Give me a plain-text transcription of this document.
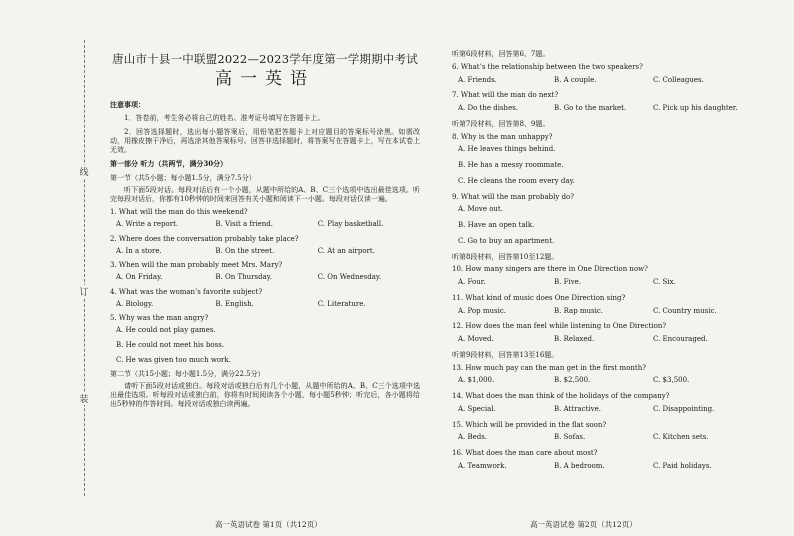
线
订
装
唐山市十县一中联盟2022—2023学年度第一学期期中考试
高一英语
注意事项：

1．答卷前，考生务必将自己的姓名、准考证号填写在答题卡上。

2．回答选择题时，选出每小题答案后，用铅笔把答题卡上对应题目的答案标号涂黑。如需改动，用橡皮擦干净后，再选涂其他答案标号。回答非选择题时，将答案写在答题卡上，写在本试卷上无效。

第一部分 听力（共两节，满分30分）
第一节（共5小题；每小题1.5分，满分7.5分）

听下面5段对话。每段对话后有一个小题，从题中所给的A、B、C三个选项中选出最佳选项。听完每段对话后，你都有10秒钟的时间来回答有关小题和阅读下一小题。每段对话仅读一遍。

1. What will the man do this weekend?
A. Write a report.	B. Visit a friend.	C. Play basketball.
2. Where does the conversation probably take place?
A. In a store.	B. On the street.	C. At an airport.
3. When will the man probably meet Mrs. Mary?
A. On Friday.	B. On Thursday.	C. On Wednesday.
4. What was the woman’s favorite subject?
A. Biology.	B. English.	C. Literature.
5. Why was the man angry?
A. He could not play games.
B. He could not meet his boss.
C. He was given too much work.
第二节（共15小题；每小题1.5分，满分22.5分）

请听下面5段对话或独白。每段对话或独白后有几个小题，从题中所给的A、B、C三个选项中选出最佳选项。听每段对话或独白前，你将有时间阅读各个小题，每小题5秒钟；听完后，各小题将给出5秒钟的作答时间。每段对话或独白读两遍。

听第6段材料，回答第6、7题。
6. What’s the relationship between the two speakers?
A. Friends.	B. A couple.	C. Colleagues.
7. What will the man do next?
A. Do the dishes.	B. Go to the market.	C. Pick up his daughter.
听第7段材料，回答第8、9题。
8. Why is the man unhappy?
A. He leaves things behind.
B. He has a messy roommate.
C. He cleans the room every day.
9. What will the man probably do?
A. Move out.
B. Have an open talk.
C. Go to buy an apartment.
听第8段材料，回答第10至12题。
10. How many singers are there in One Direction now?
A. Four.	B. Five.	C. Six.
11. What kind of music does One Direction sing?
A. Pop music.	B. Rap music.	C. Country music.
12. How does the man feel while listening to One Direction?
A. Moved.	B. Relaxed.	C. Encouraged.
听第9段材料，回答第13至16题。
13. How much pay can the man get in the first month?
A. $1,000.	B. $2,500.	C. $3,500.
14. What does the man think of the holidays of the company?
A. Special.	B. Attractive.	C. Disappointing.
15. Which will be provided in the flat soon?
A. Beds.	B. Sofas.	C. Kitchen sets.
16. What does the man care about most?
A. Teamwork.	B. A bedroom.	C. Paid holidays.
高一英语试卷 第1页（共12页）	高一英语试卷 第2页（共12页）
